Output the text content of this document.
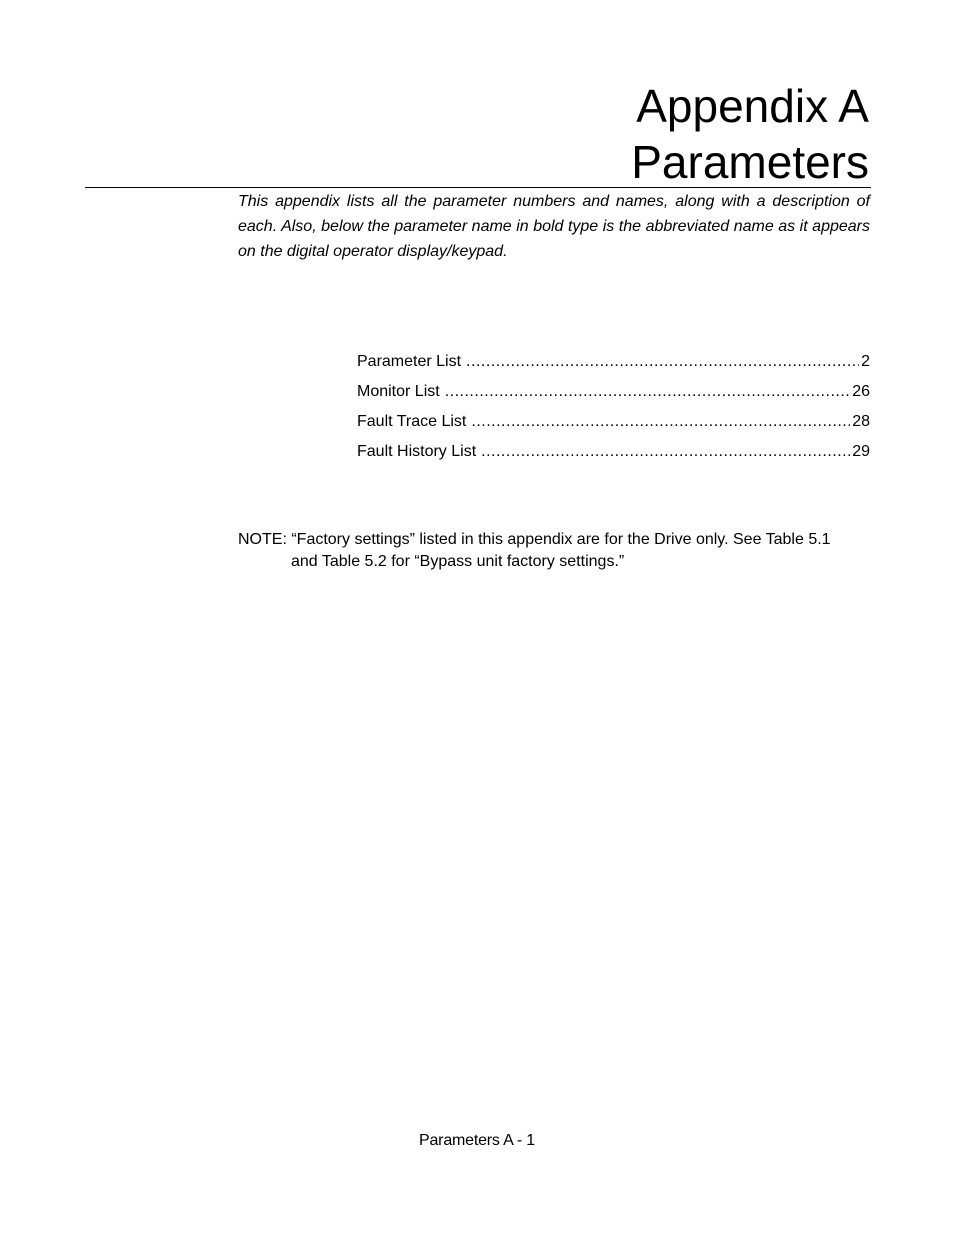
Appendix A
Parameters
This appendix lists all the parameter numbers and names, along with a description of each. Also, below the parameter name in bold type is the abbreviated name as it appears on the digital operator display/keypad.
Parameter List .....	2
Monitor List .....	26
Fault Trace List .....	28
Fault History List .....	29
NOTE: “Factory settings” listed in this appendix are for the Drive only. See Table 5.1
and Table 5.2 for “Bypass unit factory settings.”
Parameters A - 1
